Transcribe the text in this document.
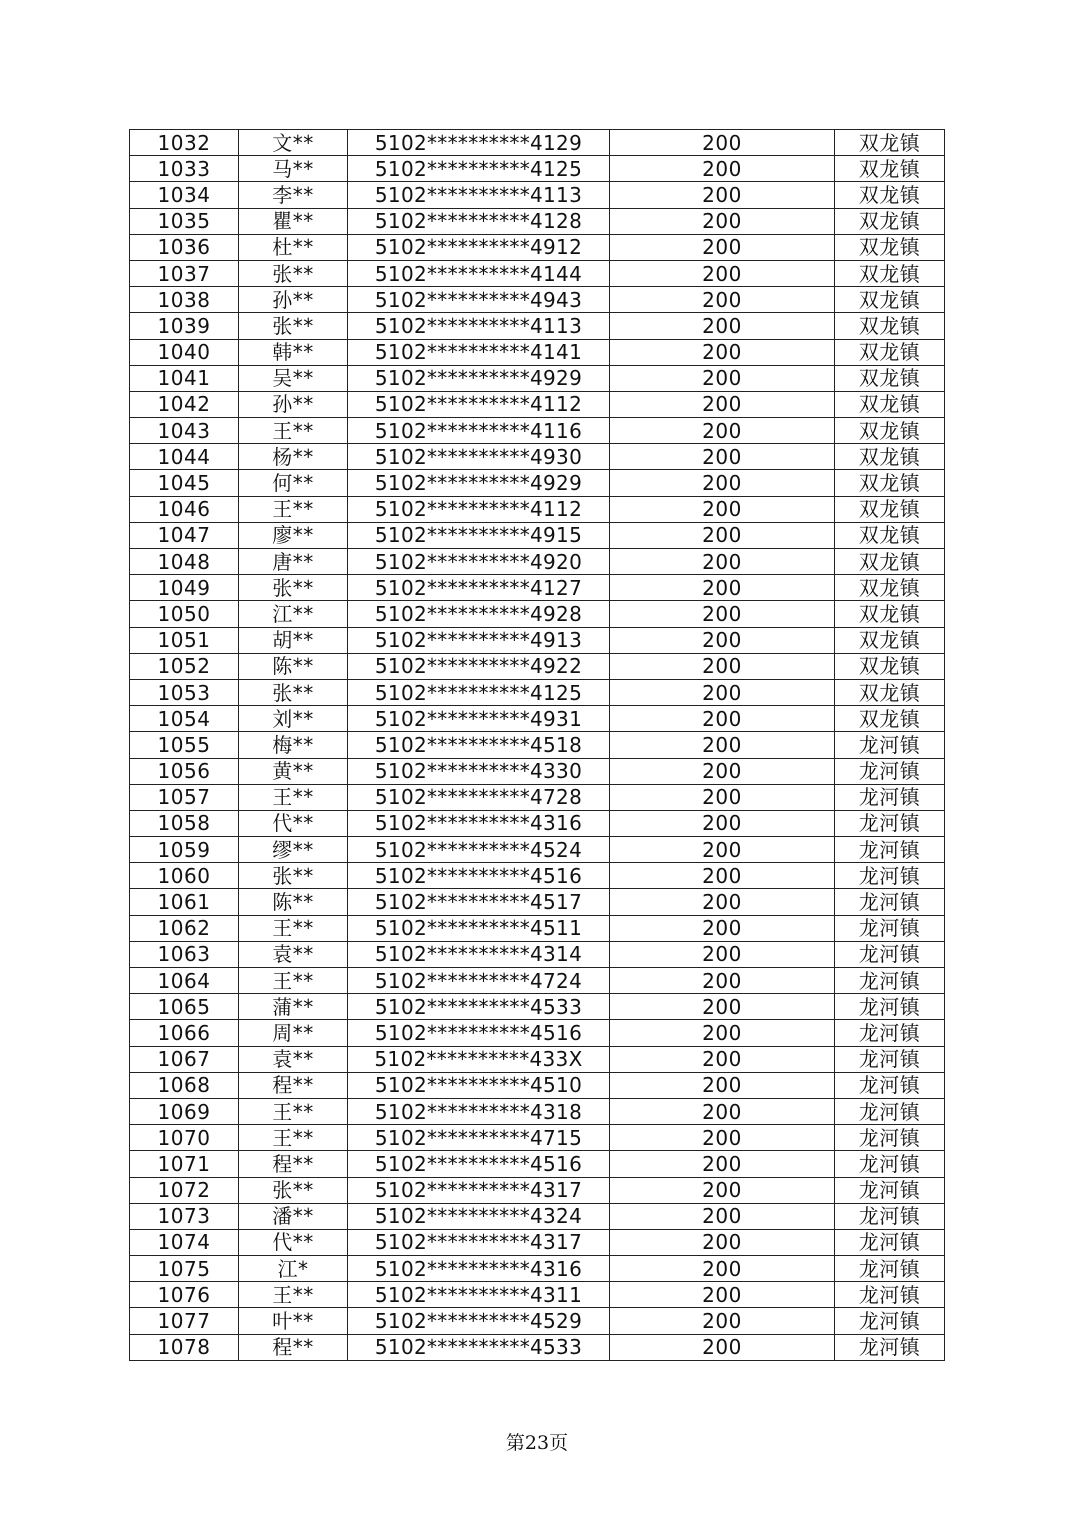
1032	文**	5102**********4129	200	双龙镇
1033	马**	5102**********4125	200	双龙镇
1034	李**	5102**********4113	200	双龙镇
1035	瞿**	5102**********4128	200	双龙镇
1036	杜**	5102**********4912	200	双龙镇
1037	张**	5102**********4144	200	双龙镇
1038	孙**	5102**********4943	200	双龙镇
1039	张**	5102**********4113	200	双龙镇
1040	韩**	5102**********4141	200	双龙镇
1041	吴**	5102**********4929	200	双龙镇
1042	孙**	5102**********4112	200	双龙镇
1043	王**	5102**********4116	200	双龙镇
1044	杨**	5102**********4930	200	双龙镇
1045	何**	5102**********4929	200	双龙镇
1046	王**	5102**********4112	200	双龙镇
1047	廖**	5102**********4915	200	双龙镇
1048	唐**	5102**********4920	200	双龙镇
1049	张**	5102**********4127	200	双龙镇
1050	江**	5102**********4928	200	双龙镇
1051	胡**	5102**********4913	200	双龙镇
1052	陈**	5102**********4922	200	双龙镇
1053	张**	5102**********4125	200	双龙镇
1054	刘**	5102**********4931	200	双龙镇
1055	梅**	5102**********4518	200	龙河镇
1056	黄**	5102**********4330	200	龙河镇
1057	王**	5102**********4728	200	龙河镇
1058	代**	5102**********4316	200	龙河镇
1059	缪**	5102**********4524	200	龙河镇
1060	张**	5102**********4516	200	龙河镇
1061	陈**	5102**********4517	200	龙河镇
1062	王**	5102**********4511	200	龙河镇
1063	袁**	5102**********4314	200	龙河镇
1064	王**	5102**********4724	200	龙河镇
1065	蒲**	5102**********4533	200	龙河镇
1066	周**	5102**********4516	200	龙河镇
1067	袁**	5102**********433X	200	龙河镇
1068	程**	5102**********4510	200	龙河镇
1069	王**	5102**********4318	200	龙河镇
1070	王**	5102**********4715	200	龙河镇
1071	程**	5102**********4516	200	龙河镇
1072	张**	5102**********4317	200	龙河镇
1073	潘**	5102**********4324	200	龙河镇
1074	代**	5102**********4317	200	龙河镇
1075	江*	5102**********4316	200	龙河镇
1076	王**	5102**********4311	200	龙河镇
1077	叶**	5102**********4529	200	龙河镇
1078	程**	5102**********4533	200	龙河镇
第23页
